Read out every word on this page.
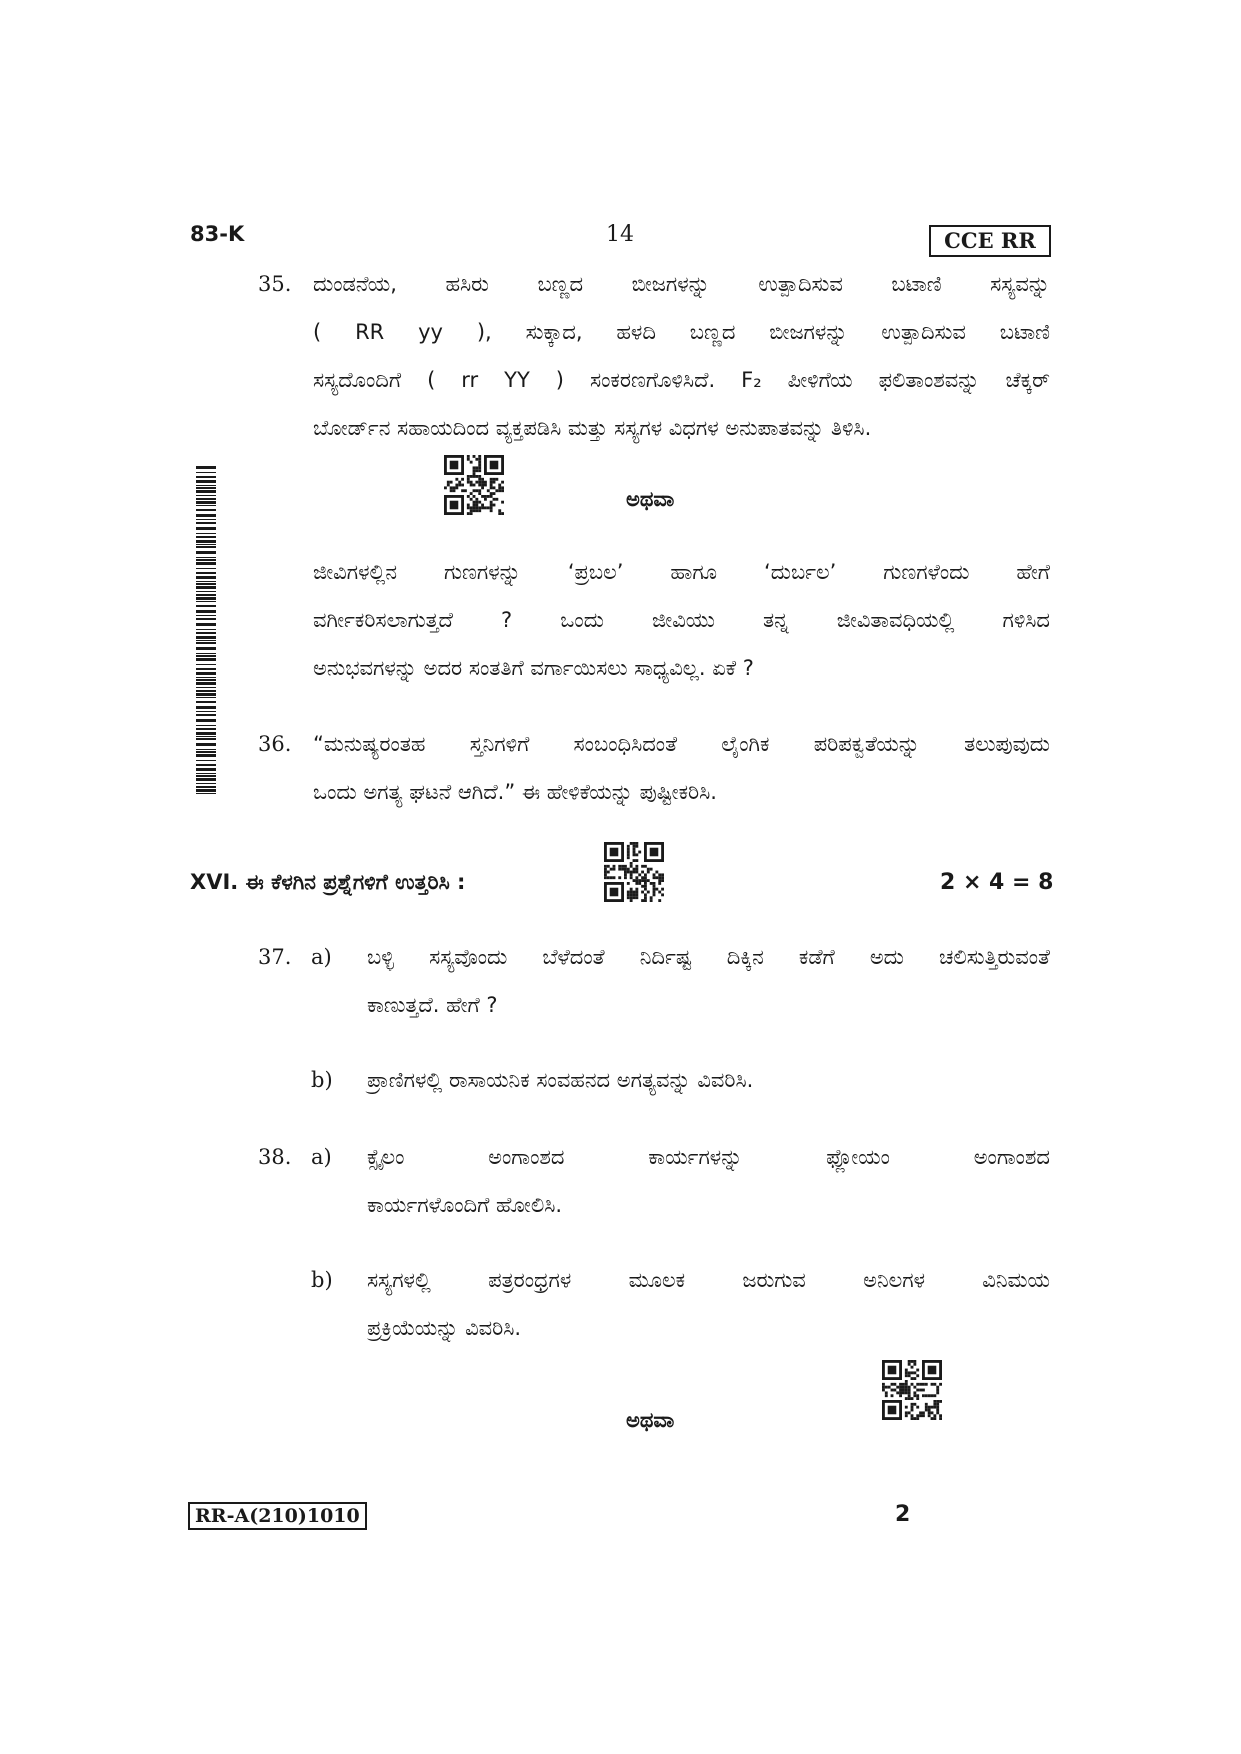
83-K	14	CCE RR
35. ದುಂಡನೆಯ, ಹಸಿರು ಬಣ್ಣದ ಬೀಜಗಳನ್ನು ಉತ್ಪಾದಿಸುವ ಬಟಾಣಿ ಸಸ್ಯವನ್ನು
( RR yy ), ಸುಕ್ಕಾದ, ಹಳದಿ ಬಣ್ಣದ ಬೀಜಗಳನ್ನು ಉತ್ಪಾದಿಸುವ ಬಟಾಣಿ
ಸಸ್ಯದೊಂದಿಗೆ ( rr YY ) ಸಂಕರಣಗೊಳಿಸಿದೆ. F₂ ಪೀಳಿಗೆಯ ಫಲಿತಾಂಶವನ್ನು ಚೆಕ್ಕರ್
ಬೋರ್ಡ್‌ನ ಸಹಾಯದಿಂದ ವ್ಯಕ್ತಪಡಿಸಿ ಮತ್ತು ಸಸ್ಯಗಳ ವಿಧಗಳ ಅನುಪಾತವನ್ನು ತಿಳಿಸಿ.
ಅಥವಾ
ಜೀವಿಗಳಲ್ಲಿನ ಗುಣಗಳನ್ನು ‘ಪ್ರಬಲ’ ಹಾಗೂ ‘ದುರ್ಬಲ’ ಗುಣಗಳೆಂದು ಹೇಗೆ
ವರ್ಗೀಕರಿಸಲಾಗುತ್ತದೆ ? ಒಂದು ಜೀವಿಯು ತನ್ನ ಜೀವಿತಾವಧಿಯಲ್ಲಿ ಗಳಿಸಿದ
ಅನುಭವಗಳನ್ನು ಅದರ ಸಂತತಿಗೆ ವರ್ಗಾಯಿಸಲು ಸಾಧ್ಯವಿಲ್ಲ. ಏಕೆ ?
36. “ಮನುಷ್ಯರಂತಹ ಸ್ತನಿಗಳಿಗೆ ಸಂಬಂಧಿಸಿದಂತೆ ಲೈಂಗಿಕ ಪರಿಪಕ್ವತೆಯನ್ನು ತಲುಪುವುದು
ಒಂದು ಅಗತ್ಯ ಘಟನೆ ಆಗಿದೆ.” ಈ ಹೇಳಿಕೆಯನ್ನು ಪುಷ್ಟೀಕರಿಸಿ.
XVI. ಈ ಕೆಳಗಿನ ಪ್ರಶ್ನೆಗಳಿಗೆ ಉತ್ತರಿಸಿ :	2 × 4 = 8
37. a) ಬಳ್ಳಿ ಸಸ್ಯವೊಂದು ಬೆಳೆದಂತೆ ನಿರ್ದಿಷ್ಟ ದಿಕ್ಕಿನ ಕಡೆಗೆ ಅದು ಚಲಿಸುತ್ತಿರುವಂತೆ
ಕಾಣುತ್ತದೆ. ಹೇಗೆ ?
b) ಪ್ರಾಣಿಗಳಲ್ಲಿ ರಾಸಾಯನಿಕ ಸಂವಹನದ ಅಗತ್ಯವನ್ನು ವಿವರಿಸಿ.
38. a) ಕ್ಸೈಲಂ ಅಂಗಾಂಶದ ಕಾರ್ಯಗಳನ್ನು ಫ್ಲೋಯಂ ಅಂಗಾಂಶದ
ಕಾರ್ಯಗಳೊಂದಿಗೆ ಹೋಲಿಸಿ.
b) ಸಸ್ಯಗಳಲ್ಲಿ ಪತ್ರರಂಧ್ರಗಳ ಮೂಲಕ ಜರುಗುವ ಅನಿಲಗಳ ವಿನಿಮಯ
ಪ್ರಕ್ರಿಯೆಯನ್ನು ವಿವರಿಸಿ.
ಅಥವಾ
RR-A(210)1010	2
